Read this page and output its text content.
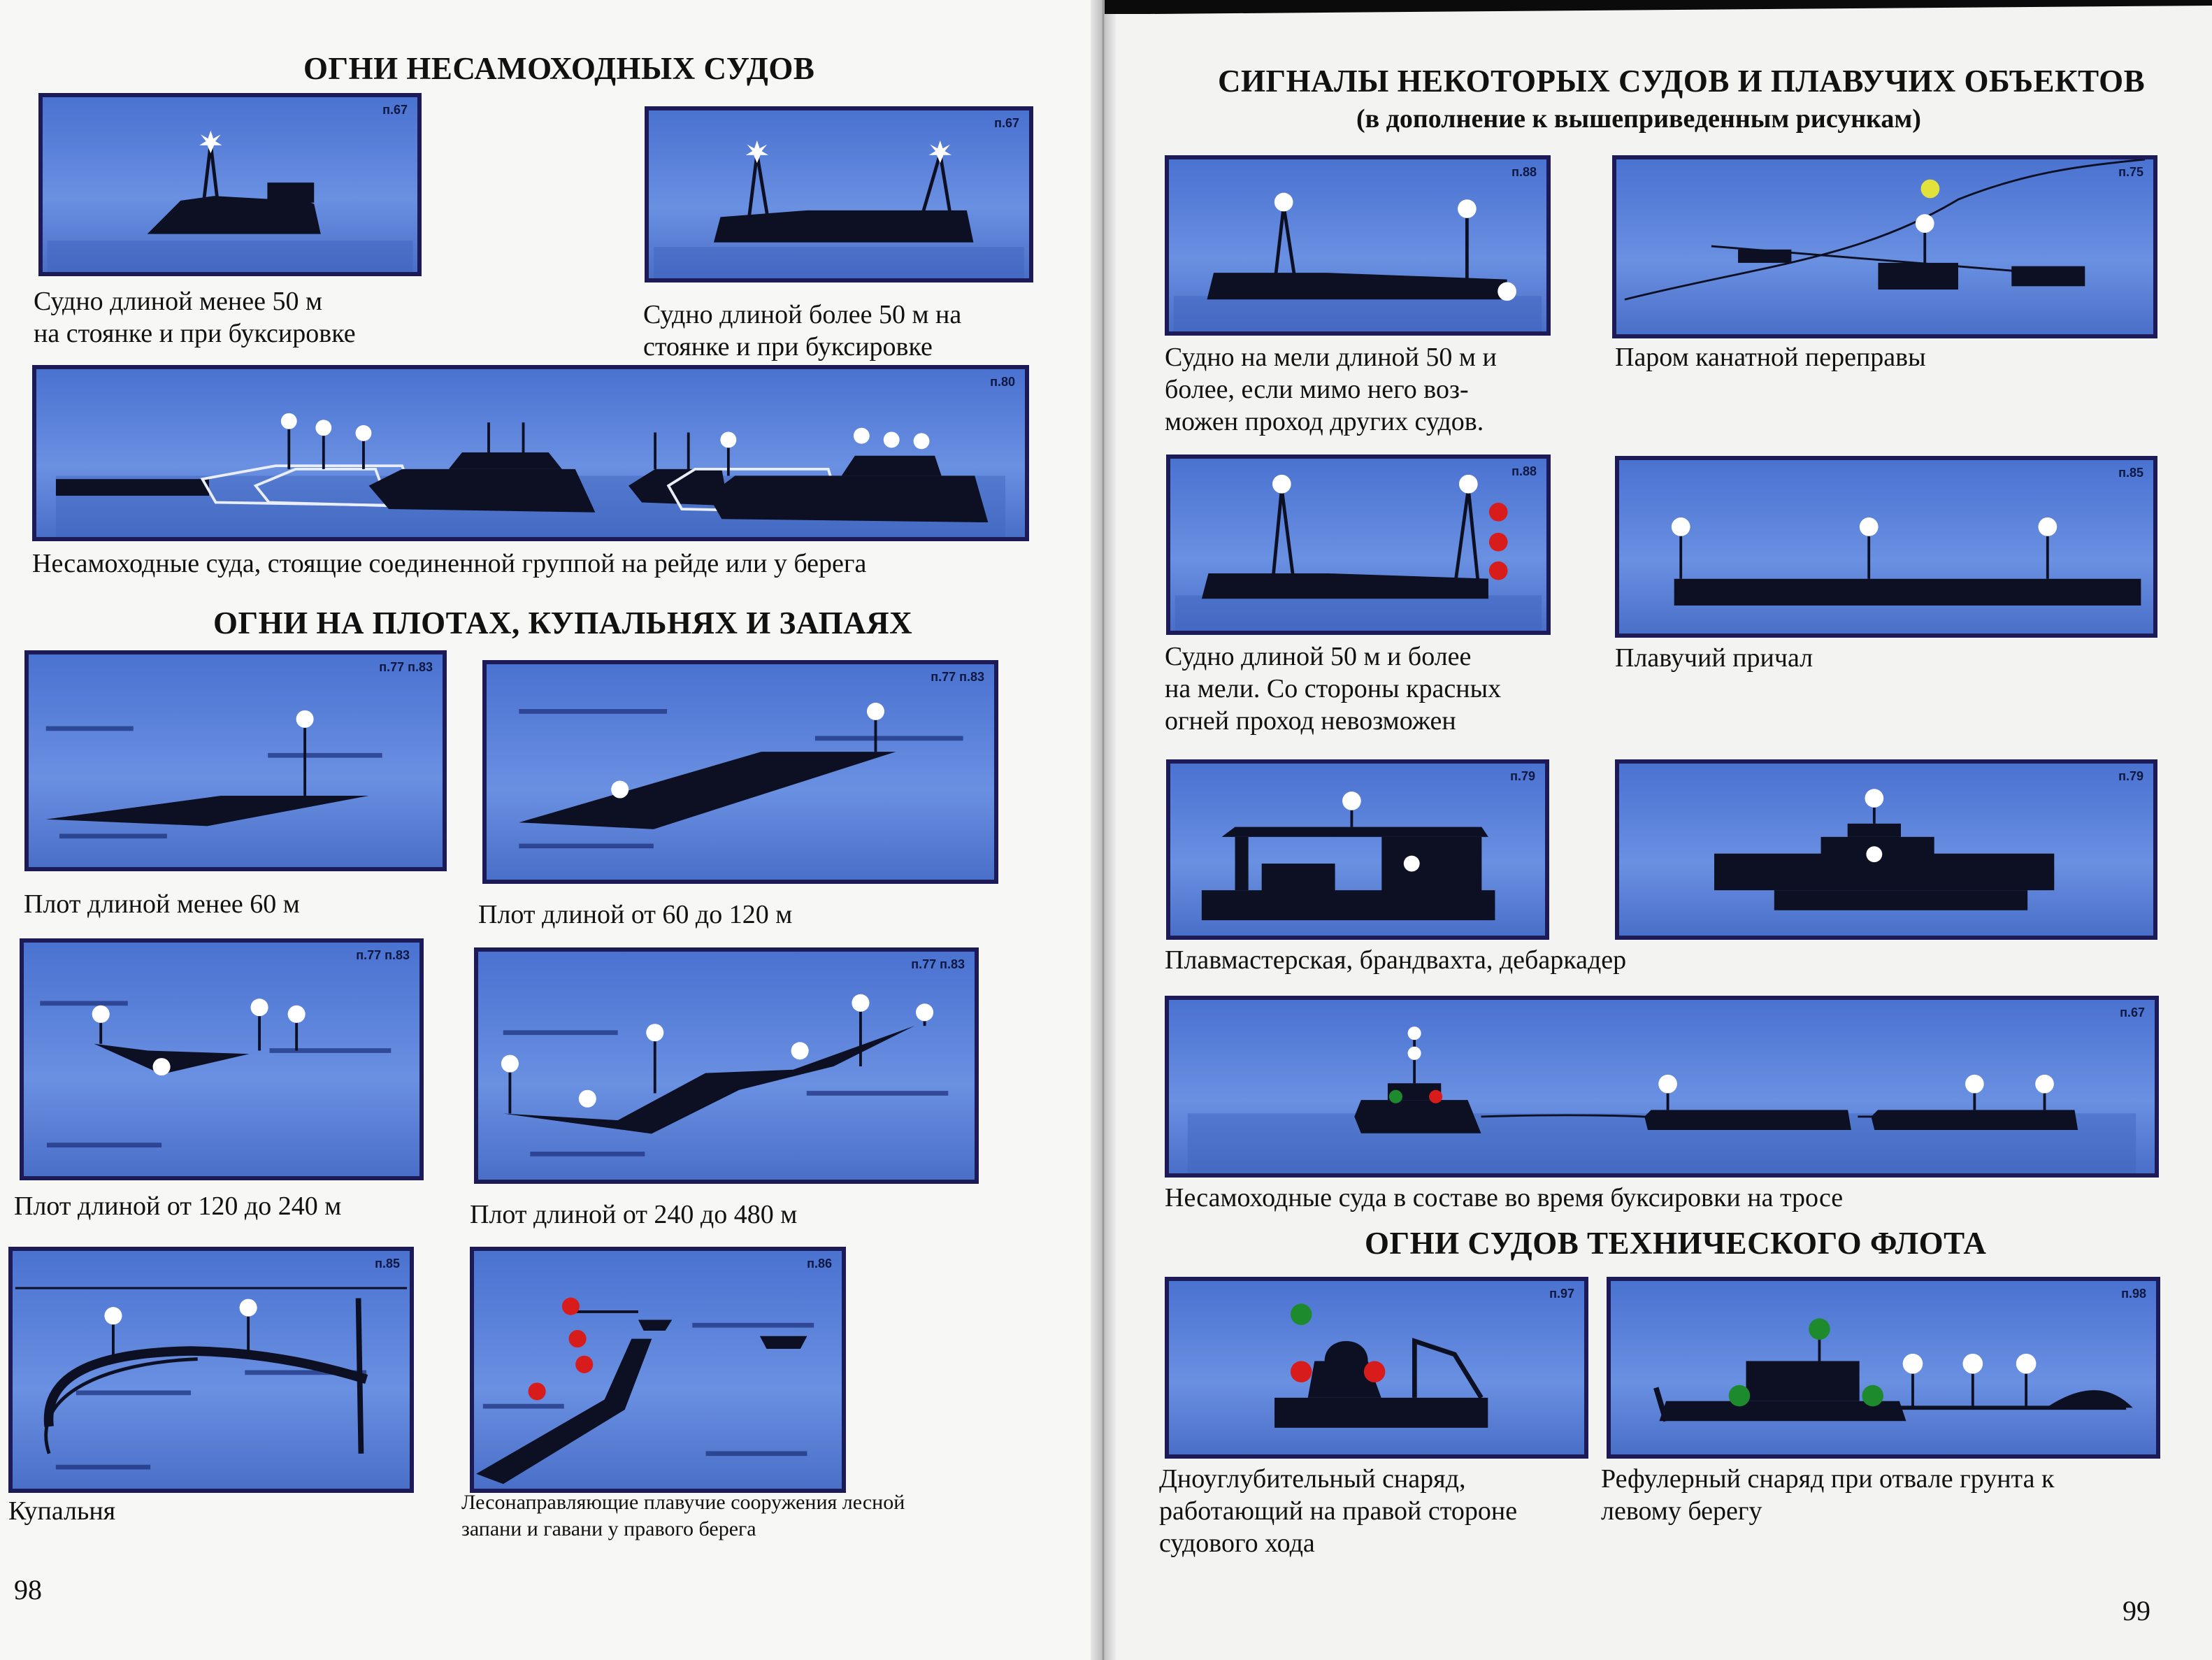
ОГНИ НЕСАМОХОДНЫХ СУДОВ
п.67
Судно длиной менее 50 м
на стоянке и при буксировке
п.67
Судно длиной более 50 м на
стоянке и при буксировке
п.80
Несамоходные суда, стоящие соединенной группой на рейде или у берега
ОГНИ НА ПЛОТАХ, КУПАЛЬНЯХ И ЗАПАЯХ
п.77 п.83
Плот длиной менее 60 м
п.77 п.83
Плот длиной от 60 до 120 м
п.77 п.83
Плот длиной от 120 до 240 м
п.77 п.83
Плот длиной от 240 до 480 м
п.85
Купальня
п.86
Лесонаправляющие плавучие сооружения лесной
запани и гавани у правого берега
98
СИГНАЛЫ НЕКОТОРЫХ СУДОВ И ПЛАВУЧИХ ОБЪЕКТОВ
(в дополнение к вышеприведенным рисункам)
п.88
Судно на мели длиной 50 м и
более, если мимо него воз-
можен проход других судов.
п.75
Паром канатной переправы
п.88
Судно длиной 50 м и более
на мели. Со стороны красных
огней проход невозможен
п.85
Плавучий причал
п.79
Плавмастерская, брандвахта, дебаркадер
п.79
п.67
Несамоходные суда в составе во время буксировки на тросе
ОГНИ СУДОВ ТЕХНИЧЕСКОГО ФЛОТА
п.97
Дноуглубительный снаряд,
работающий на правой стороне
судового хода
п.98
Рефулерный снаряд при отвале грунта к
левому берегу
99
